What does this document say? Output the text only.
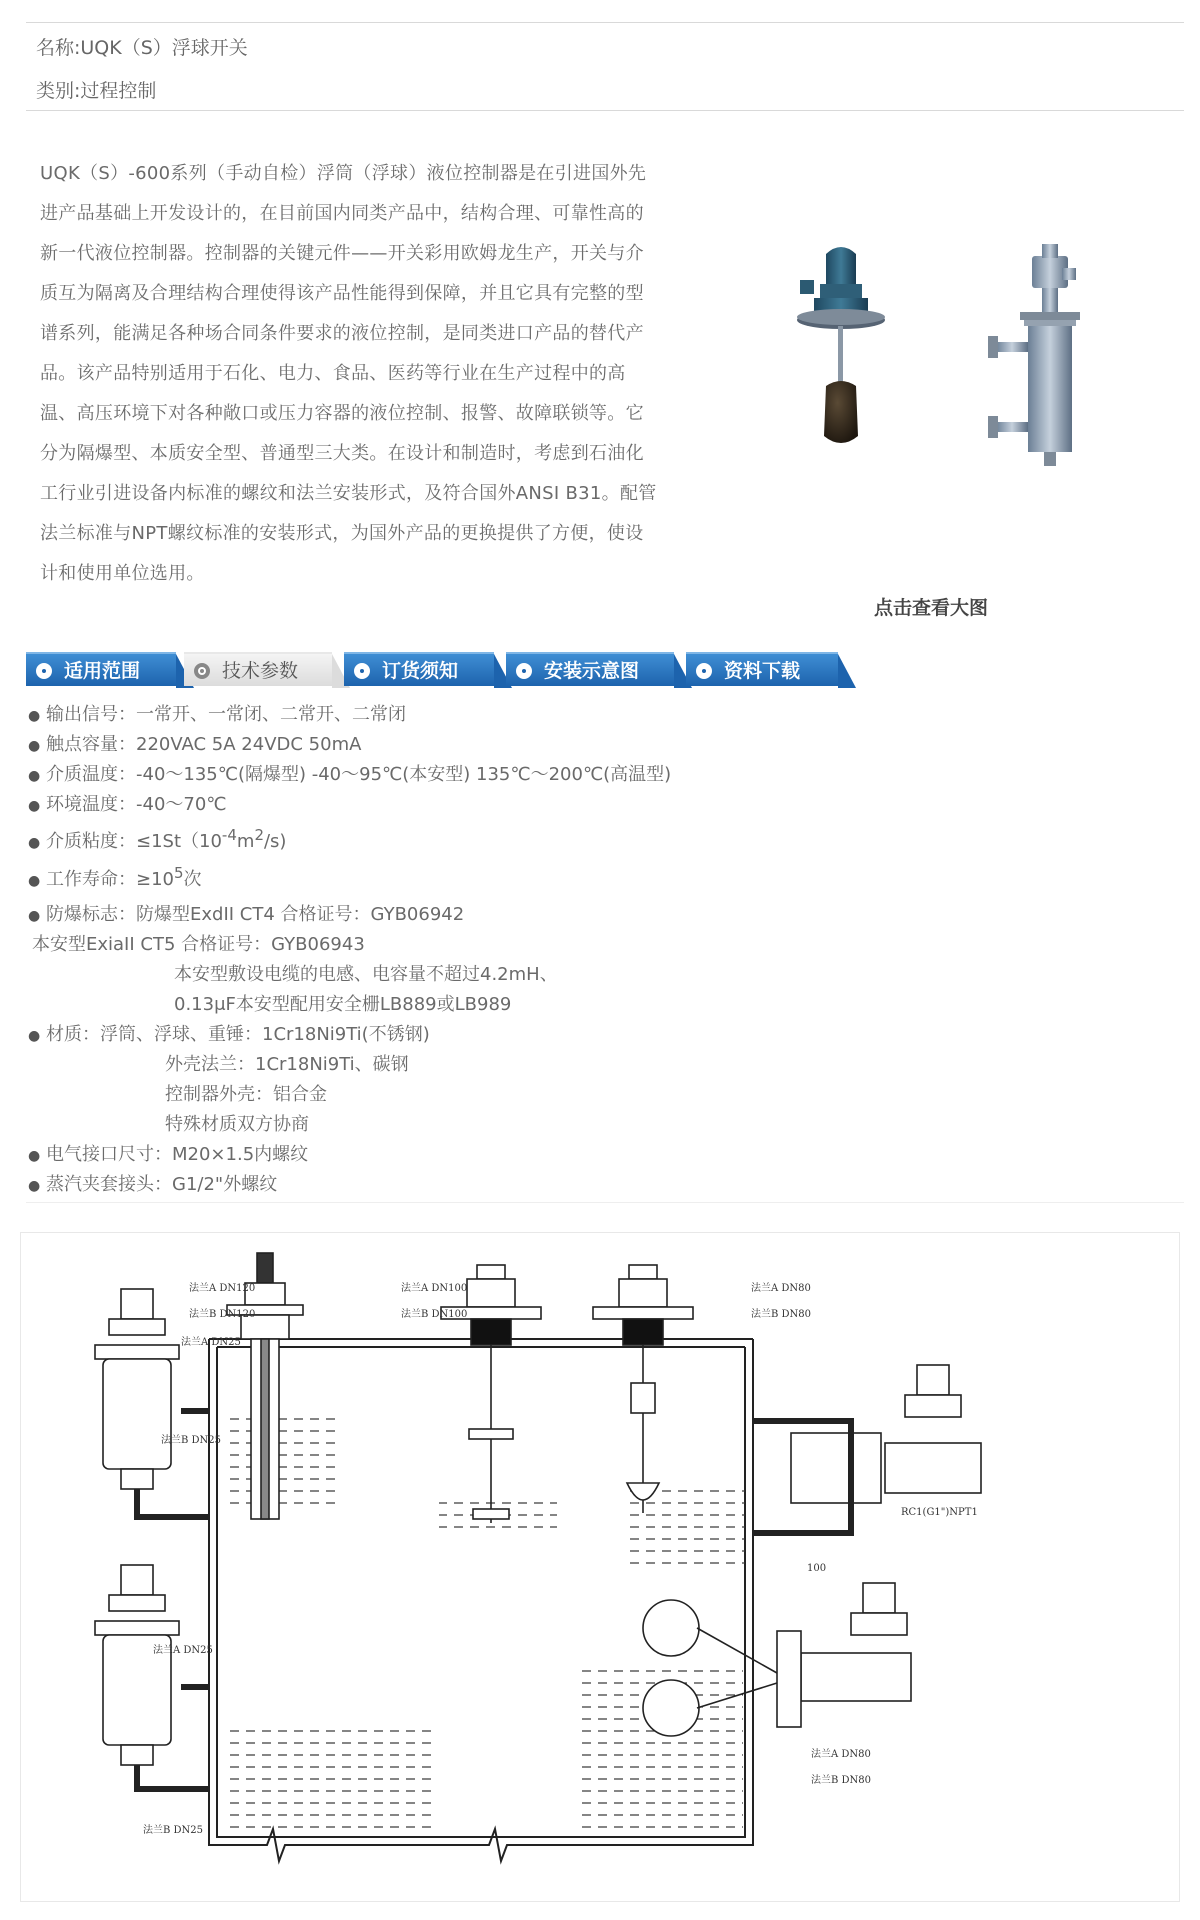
名称:UQK（S）浮球开关
类别:过程控制
UQK（S）-600系列（手动自检）浮筒（浮球）液位控制器是在引进国外先
进产品基础上开发设计的，在目前国内同类产品中，结构合理、可靠性高的
新一代液位控制器。控制器的关键元件——开关彩用欧姆龙生产，开关与介
质互为隔离及合理结构合理使得该产品性能得到保障，并且它具有完整的型
谱系列，能满足各种场合同条件要求的液位控制，是同类进口产品的替代产
品。该产品特别适用于石化、电力、食品、医药等行业在生产过程中的高
温、高压环境下对各种敞口或压力容器的液位控制、报警、故障联锁等。它
分为隔爆型、本质安全型、普通型三大类。在设计和制造时，考虑到石油化
工行业引进设备内标准的螺纹和法兰安装形式，及符合国外ANSI B31。配管
法兰标准与NPT螺纹标准的安装形式，为国外产品的更换提供了方便，使设
计和使用单位选用。
点击查看大图
适用范围	技术参数	订货须知	安装示意图	资料下载
● 输出信号：一常开、一常闭、二常开、二常闭
● 触点容量：220VAC 5A 24VDC 50mA
● 介质温度：-40～135℃(隔爆型) -40～95℃(本安型) 135℃～200℃(高温型)
● 环境温度：-40～70℃
● 介质粘度：$\le 1St(10^{-4}m^2/s)$
● 工作寿命：$\ge 10^5$次
● 防爆标志：防爆型ExdII CT4 合格证号：GYB06942
本安型ExiaII CT5 合格证号：GYB06943
本安型敷设电缆的电感、电容量不超过4.2mH、
0.13μF本安型配用安全栅LB889或LB989
● 材质：浮筒、浮球、重锤：1Cr18Ni9Ti(不锈钢)
外壳法兰：1Cr18Ni9Ti、碳钢
控制器外壳：铝合金
特殊材质双方协商
● 电气接口尺寸：M20×1.5内螺纹
● 蒸汽夹套接头：G1/2"外螺纹
法兰A DN120
法兰B DN120
法兰A DN100
法兰B DN100
法兰A DN80
法兰B DN80
法兰A DN25
法兰B DN25
法兰A DN25
法兰B DN25
RC1(G1")NPT1
法兰A DN80
法兰B DN80
100
